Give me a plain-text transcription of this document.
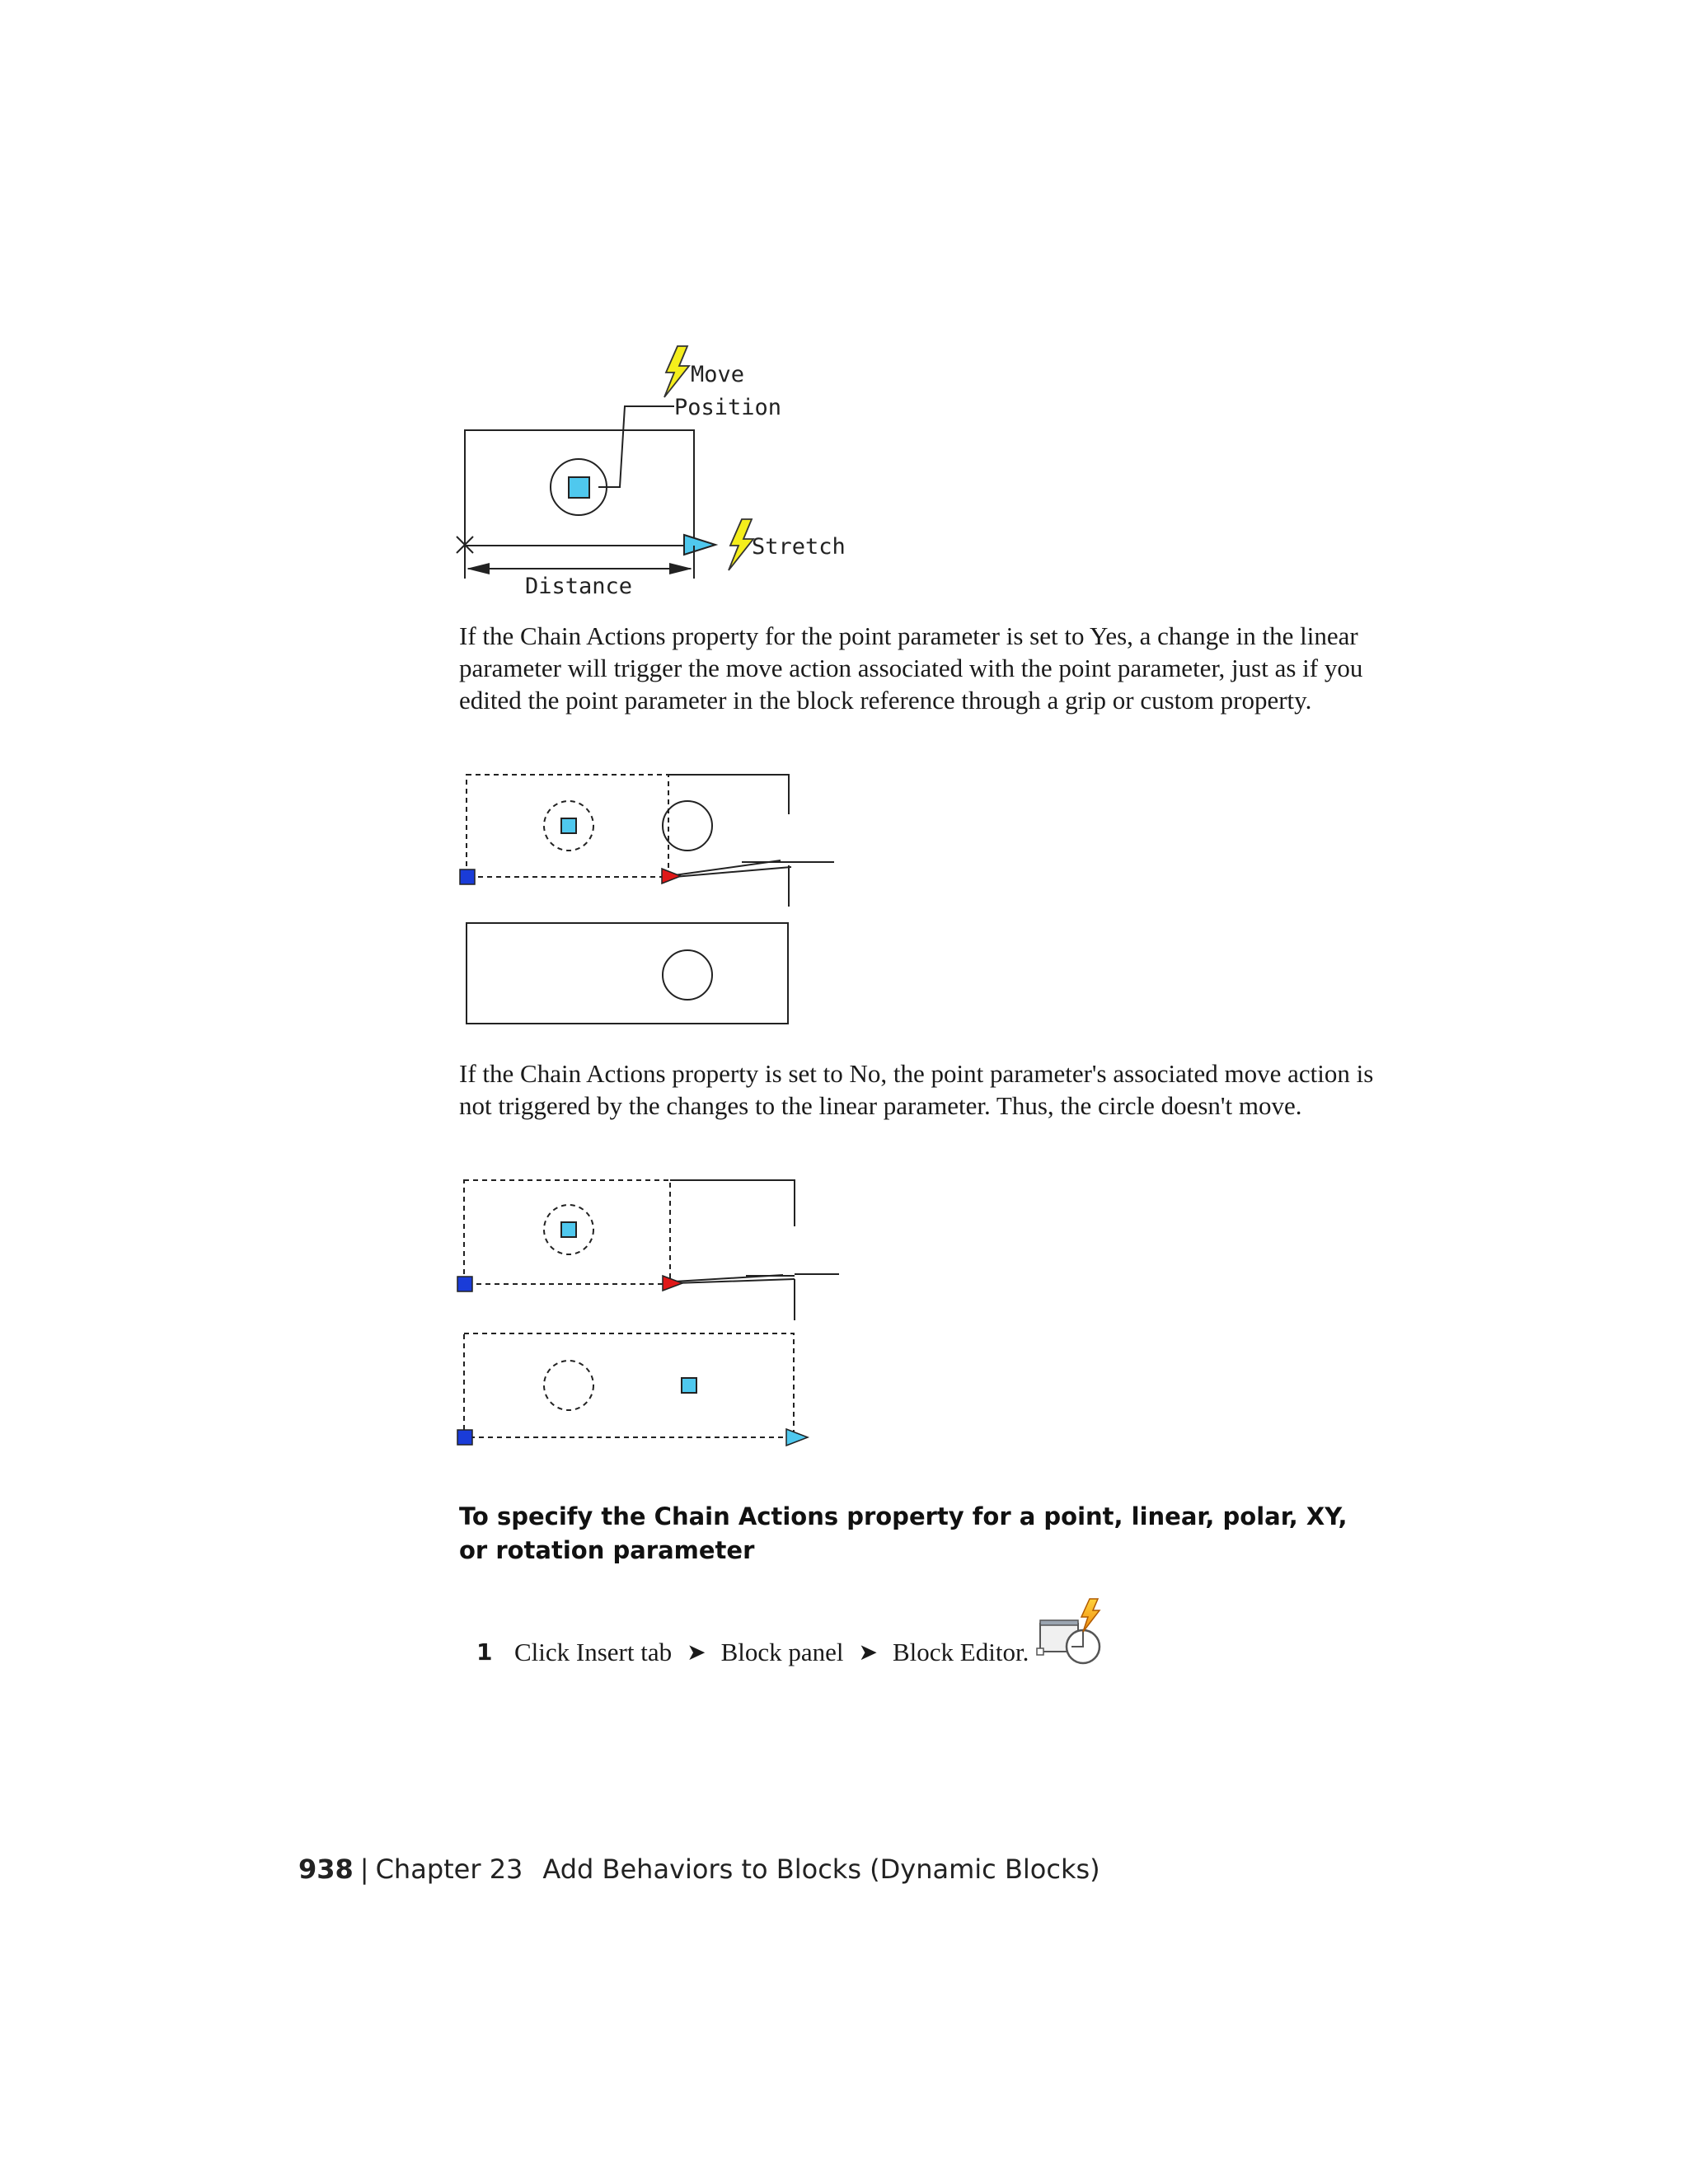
Move
Position
Stretch
Distance

If the Chain Actions property for the point parameter is set to Yes, a change in the linear parameter will trigger the move action associated with the point parameter, just as if you edited the point parameter in the block reference through a grip or custom property.

If the Chain Actions property is set to No, the point parameter's associated move action is not triggered by the changes to the linear parameter. Thus, the circle doesn't move.

To specify the Chain Actions property for a point, linear, polar, XY, or rotation parameter
1 Click Insert tab ➤ Block panel ➤ Block Editor.
938 | Chapter 23 Add Behaviors to Blocks (Dynamic Blocks)
